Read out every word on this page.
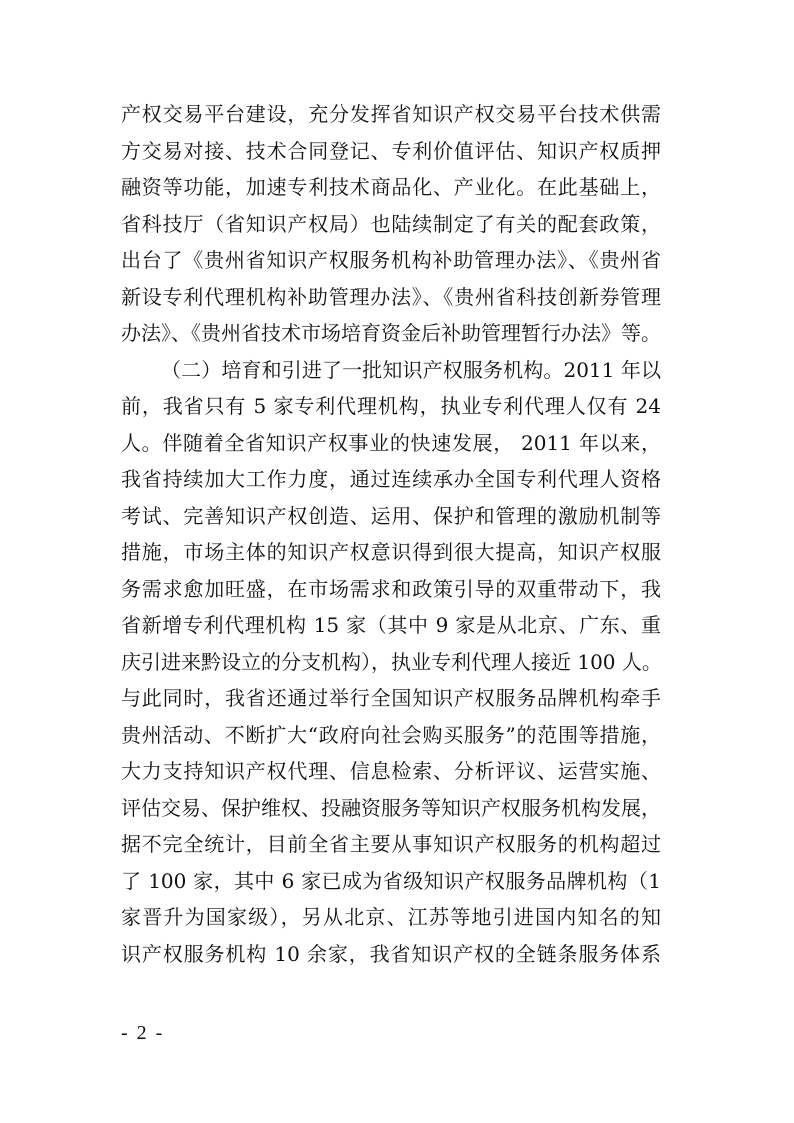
产权交易平台建设，充分发挥省知识产权交易平台技术供需
方交易对接、技术合同登记、专利价值评估、知识产权质押
融资等功能，加速专利技术商品化、产业化。在此基础上，
省科技厅（省知识产权局）也陆续制定了有关的配套政策，
出台了《贵州省知识产权服务机构补助管理办法》、《贵州省
新设专利代理机构补助管理办法》、《贵州省科技创新券管理
办法》、《贵州省技术市场培育资金后补助管理暂行办法》等。
（二）培育和引进了一批知识产权服务机构。2011 年以
前，我省只有 5 家专利代理机构，执业专利代理人仅有 24
人。伴随着全省知识产权事业的快速发展， 2011 年以来，
我省持续加大工作力度，通过连续承办全国专利代理人资格
考试、完善知识产权创造、运用、保护和管理的激励机制等
措施，市场主体的知识产权意识得到很大提高，知识产权服
务需求愈加旺盛，在市场需求和政策引导的双重带动下，我
省新增专利代理机构 15 家（其中 9 家是从北京、广东、重
庆引进来黔设立的分支机构），执业专利代理人接近 100 人。
与此同时，我省还通过举行全国知识产权服务品牌机构牵手
贵州活动、不断扩大“政府向社会购买服务”的范围等措施，
大力支持知识产权代理、信息检索、分析评议、运营实施、
评估交易、保护维权、投融资服务等知识产权服务机构发展，
据不完全统计，目前全省主要从事知识产权服务的机构超过
了 100 家，其中 6 家已成为省级知识产权服务品牌机构（1
家晋升为国家级），另从北京、江苏等地引进国内知名的知
识产权服务机构 10 余家，我省知识产权的全链条服务体系
- 2 -
